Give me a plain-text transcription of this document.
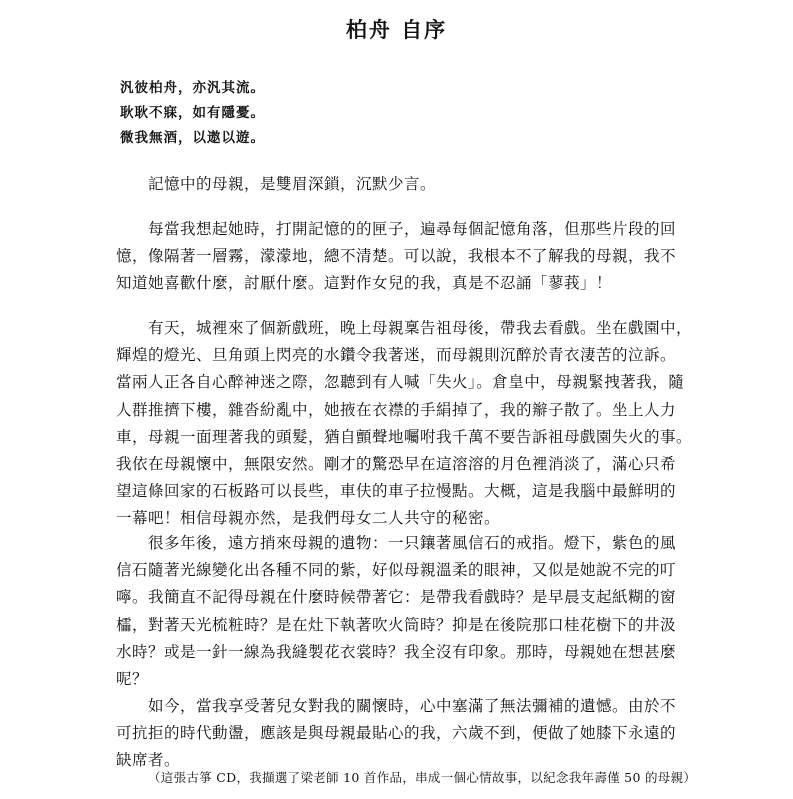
柏舟 自序
汎彼柏舟，亦汎其流。
耿耿不寐，如有隱憂。
微我無酒，以遨以遊。
　　記憶中的母親，是雙眉深鎖，沉默少言。
　　每當我想起她時，打開記憶的的匣子，遍尋每個記憶角落，但那些片段的回
憶，像隔著一層霧，濛濛地，總不清楚。可以說，我根本不了解我的母親，我不
知道她喜歡什麼，討厭什麼。這對作女兒的我，真是不忍誦「蓼莪」！
　　有天，城裡來了個新戲班，晚上母親稟告祖母後，帶我去看戲。坐在戲園中，
輝煌的燈光、旦角頭上閃亮的水鑽令我著迷，而母親則沉醉於青衣淒苦的泣訴。
當兩人正各自心醉神迷之際，忽聽到有人喊「失火」。倉皇中，母親緊拽著我，隨
人群推擠下樓，雜沓紛亂中，她掖在衣襟的手絹掉了，我的辮子散了。坐上人力
車，母親一面理著我的頭髮，猶自顫聲地囑咐我千萬不要告訴祖母戲園失火的事。
我依在母親懷中，無限安然。剛才的驚恐早在這溶溶的月色裡消淡了，滿心只希
望這條回家的石板路可以長些，車伕的車子拉慢點。大概，這是我腦中最鮮明的
一幕吧！相信母親亦然，是我們母女二人共守的秘密。
　　很多年後，遠方捎來母親的遺物：一只鑲著風信石的戒指。燈下，紫色的風
信石隨著光線變化出各種不同的紫，好似母親溫柔的眼神，又似是她說不完的叮
嚀。我簡直不記得母親在什麼時候帶著它：是帶我看戲時？是早晨支起紙糊的窗
櫺，對著天光梳粧時？是在灶下執著吹火筒時？抑是在後院那口桂花樹下的井汲
水時？或是一針一線為我縫製花衣裳時？我全沒有印象。那時，母親她在想甚麼
呢？
　　如今，當我享受著兒女對我的關懷時，心中塞滿了無法彌補的遺憾。由於不
可抗拒的時代動盪，應該是與母親最貼心的我，六歲不到，便做了她膝下永遠的
缺席者。
（這張古箏 CD，我擷選了梁老師 10 首作品，串成一個心情故事，以紀念我年壽僅 50 的母親）
